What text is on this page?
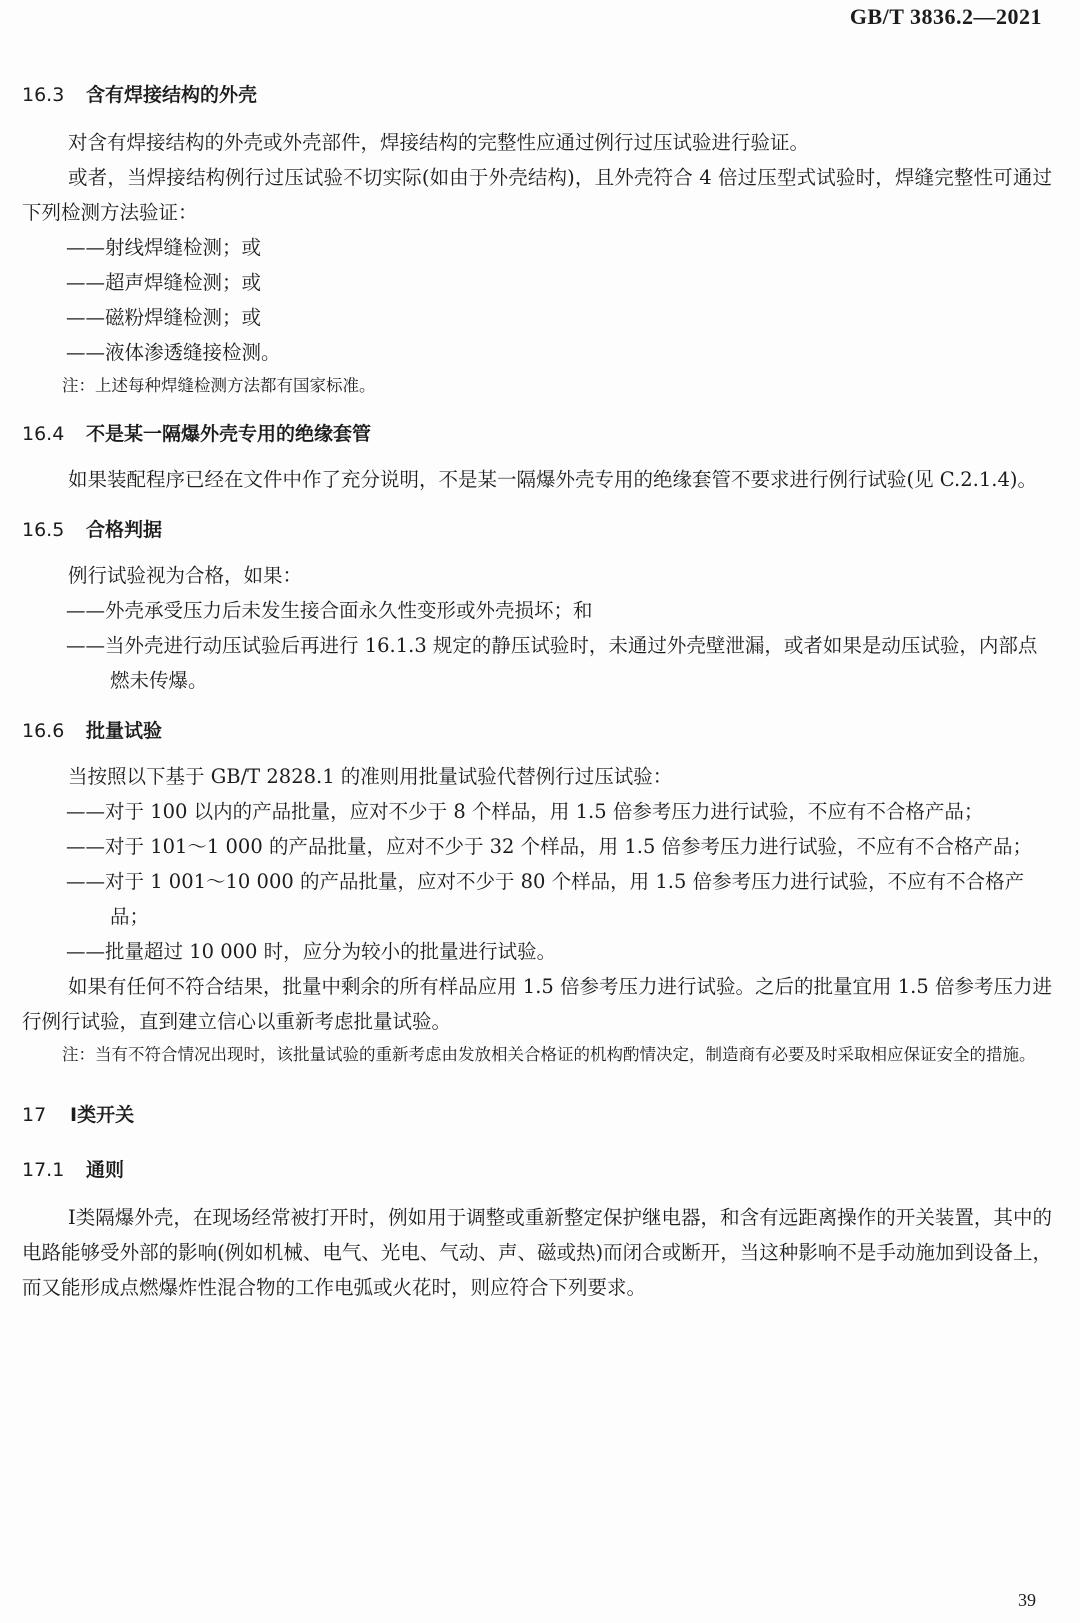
GB/T 3836.2—2021
16.3	含有焊接结构的外壳

对含有焊接结构的外壳或外壳部件，焊接结构的完整性应通过例行过压试验进行验证。

或者，当焊接结构例行过压试验不切实际(如由于外壳结构)，且外壳符合 4 倍过压型式试验时，焊缝完整性可通过下列检测方法验证：

——射线焊缝检测；或
——超声焊缝检测；或
——磁粉焊缝检测；或
——液体渗透缝接检测。
注：上述每种焊缝检测方法都有国家标准。
16.4	不是某一隔爆外壳专用的绝缘套管

如果装配程序已经在文件中作了充分说明，不是某一隔爆外壳专用的绝缘套管不要求进行例行试验(见 C.2.1.4)。

16.5	合格判据

例行试验视为合格，如果：

——外壳承受压力后未发生接合面永久性变形或外壳损坏；和
——当外壳进行动压试验后再进行 16.1.3 规定的静压试验时，未通过外壳壁泄漏，或者如果是动压试验，内部点燃未传爆。
16.6	批量试验

当按照以下基于 GB/T 2828.1 的准则用批量试验代替例行过压试验：

——对于 100 以内的产品批量，应对不少于 8 个样品，用 1.5 倍参考压力进行试验，不应有不合格产品；
——对于 101～1 000 的产品批量，应对不少于 32 个样品，用 1.5 倍参考压力进行试验，不应有不合格产品；
——对于 1 001～10 000 的产品批量，应对不少于 80 个样品，用 1.5 倍参考压力进行试验，不应有不合格产品；
——批量超过 10 000 时，应分为较小的批量进行试验。

如果有任何不符合结果，批量中剩余的所有样品应用 1.5 倍参考压力进行试验。之后的批量宜用 1.5 倍参考压力进行例行试验，直到建立信心以重新考虑批量试验。

注：当有不符合情况出现时，该批量试验的重新考虑由发放相关合格证的机构酌情决定，制造商有必要及时采取相应保证安全的措施。
17	Ⅰ类开关
17.1	通则

Ⅰ类隔爆外壳，在现场经常被打开时，例如用于调整或重新整定保护继电器，和含有远距离操作的开关装置，其中的电路能够受外部的影响(例如机械、电气、光电、气动、声、磁或热)而闭合或断开，当这种影响不是手动施加到设备上，而又能形成点燃爆炸性混合物的工作电弧或火花时，则应符合下列要求。

39
